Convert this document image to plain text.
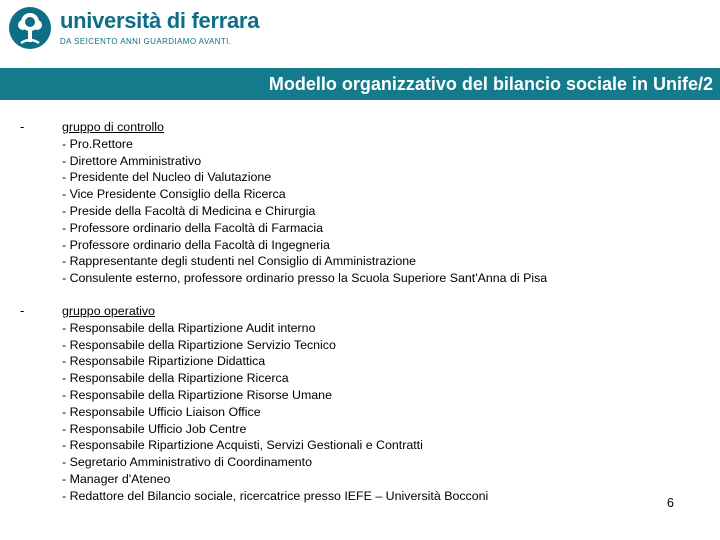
università di ferrara
DA SEICENTO ANNI GUARDIAMO AVANTI.
Modello organizzativo del bilancio sociale in Unife/2
-	gruppo di controllo
- Pro.Rettore
- Direttore Amministrativo
- Presidente del Nucleo di Valutazione
- Vice Presidente Consiglio della Ricerca
- Preside della Facoltà di Medicina e Chirurgia
- Professore ordinario della Facoltà di Farmacia
- Professore ordinario della Facoltà di Ingegneria
- Rappresentante degli studenti nel Consiglio di Amministrazione
- Consulente esterno, professore ordinario presso la Scuola Superiore Sant'Anna di Pisa
-	gruppo operativo
- Responsabile della Ripartizione Audit interno
- Responsabile della Ripartizione Servizio Tecnico
- Responsabile Ripartizione Didattica
- Responsabile della Ripartizione Ricerca
- Responsabile della Ripartizione Risorse Umane
- Responsabile Ufficio Liaison Office
- Responsabile Ufficio Job Centre
- Responsabile Ripartizione Acquisti, Servizi Gestionali e Contratti
- Segretario Amministrativo di Coordinamento
- Manager d'Ateneo
- Redattore del Bilancio sociale, ricercatrice presso IEFE – Università Bocconi
6
